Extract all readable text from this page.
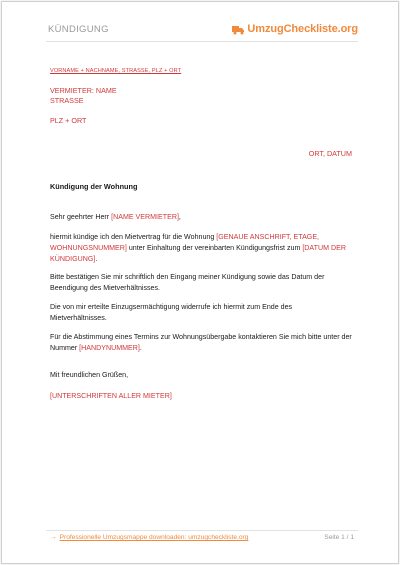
KÜNDIGUNG	UmzugCheckliste.org
VORNAME + NACHNAME, STRASSE, PLZ + ORT
VERMIETER: NAME
STRASSE
PLZ + ORT
ORT, DATUM
Kündigung der Wohnung
Sehr geehrter Herr [NAME VERMIETER],
hiermit kündige ich den Mietvertrag für die Wohnung [GENAUE ANSCHRIFT, ETAGE, WOHNUNGSNUMMER] unter Einhaltung der vereinbarten Kündigungsfrist zum [DATUM DER KÜNDIGUNG].
Bitte bestätigen Sie mir schriftlich den Eingang meiner Kündigung sowie das Datum der Beendigung des Mietverhältnisses.
Die von mir erteilte Einzugsermächtigung widerrufe ich hiermit zum Ende des Mietverhältnisses.
Für die Abstimmung eines Termins zur Wohnungsübergabe kontaktieren Sie mich bitte unter der Nummer [HANDYNUMMER].
Mit freundlichen Grüßen,
[UNTERSCHRIFTEN ALLER MIETER]
→ Professionelle Umzugsmappe downloaden: umzugcheckliste.org	Seite 1 / 1
